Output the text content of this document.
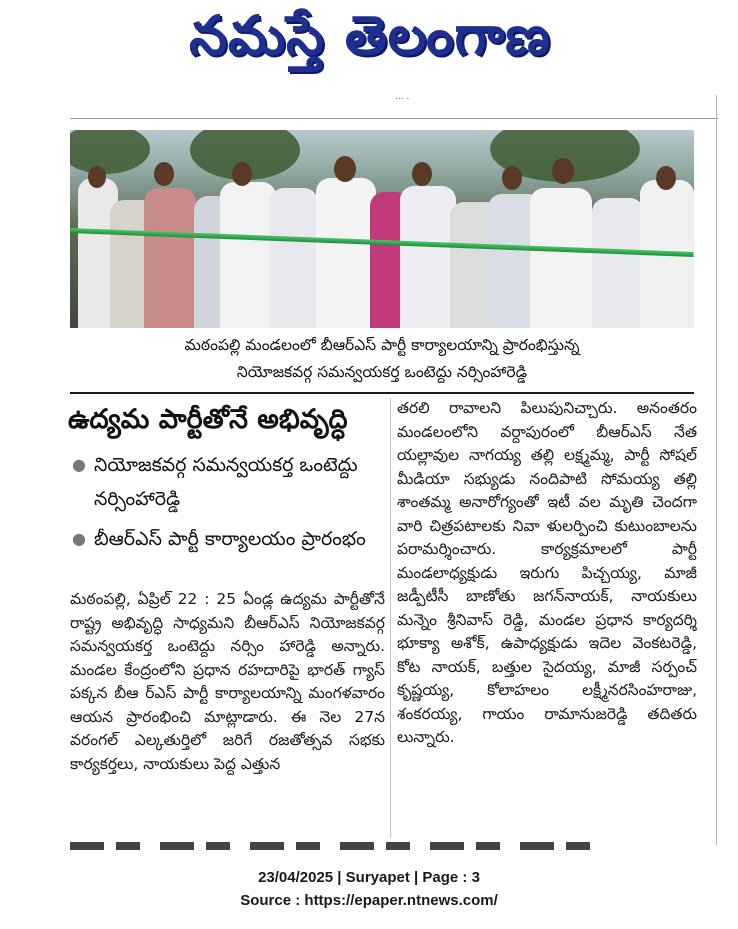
నమస్తే తెలంగాణ
... .
మఠంపల్లి మండలంలో బీఆర్ఎస్ పార్టీ కార్యాలయాన్ని ప్రారంభిస్తున్న
నియోజకవర్గ సమన్వయకర్త ఒంటెద్దు నర్సింహారెడ్డి
ఉద్యమ పార్టీతోనే అభివృద్ధి
● నియోజకవర్గ సమన్వయకర్త ఒంటెద్దు నర్సింహారెడ్డి
● బీఆర్ఎస్ పార్టీ కార్యాలయం ప్రారంభం
మఠంపల్లి, ఏప్రిల్ 22 : 25 ఏండ్ల ఉద్యమ పార్టీతోనే రాష్ట్ర అభివృద్ధి సాధ్యమని బీఆర్ఎస్ నియోజకవర్గ సమన్వయకర్త ఒంటెద్దు నర్సిం హారెడ్డి అన్నారు. మండల కేంద్రంలోని ప్రధాన రహదారిపై భారత్ గ్యాస్ పక్కన బీఆ ర్ఎస్ పార్టీ కార్యాలయాన్ని మంగళవారం ఆయన ప్రారంభించి మాట్లాడారు. ఈ నెల 27న వరంగల్ ఎల్కతుర్తిలో జరిగే రజతోత్సవ సభకు కార్యకర్తలు, నాయకులు పెద్ద ఎత్తున
తరలి రావాలని పిలుపునిచ్చారు. అనంతరం మండలంలోని వర్దాపురంలో బీఆర్ఎస్ నేత యల్లావుల నాగయ్య తల్లి లక్ష్మమ్మ, పార్టీ సోషల్ మీడియా సభ్యుడు నందిపాటి సోమయ్య తల్లి శాంతమ్మ అనారోగ్యంతో ఇటీ వల మృతి చెందగా వారి చిత్రపటాలకు నివా ళులర్పించి కుటుంబాలను పరామర్శించారు. కార్యక్రమాలలో పార్టీ మండలాధ్యక్షుడు ఇరుగు పిచ్చయ్య, మాజీ జడ్పీటీసీ బాణోతు జగన్‌నాయక్, నాయకులు మన్నెం శ్రీనివాస్ రెడ్డి, మండల ప్రధాన కార్యదర్శి భూక్యా అశోక్, ఉపాధ్యక్షుడు ఇదెల వెంకటరెడ్డి, కోట నాయక్, బత్తుల సైదయ్య, మాజీ సర్పంచ్ కృష్ణయ్య, కోలాహలం లక్ష్మీనరసింహరాజు, శంకరయ్య, గాయం రామానుజరెడ్డి తదితరు లున్నారు.
23/04/2025 | Suryapet | Page : 3
Source : https://epaper.ntnews.com/
